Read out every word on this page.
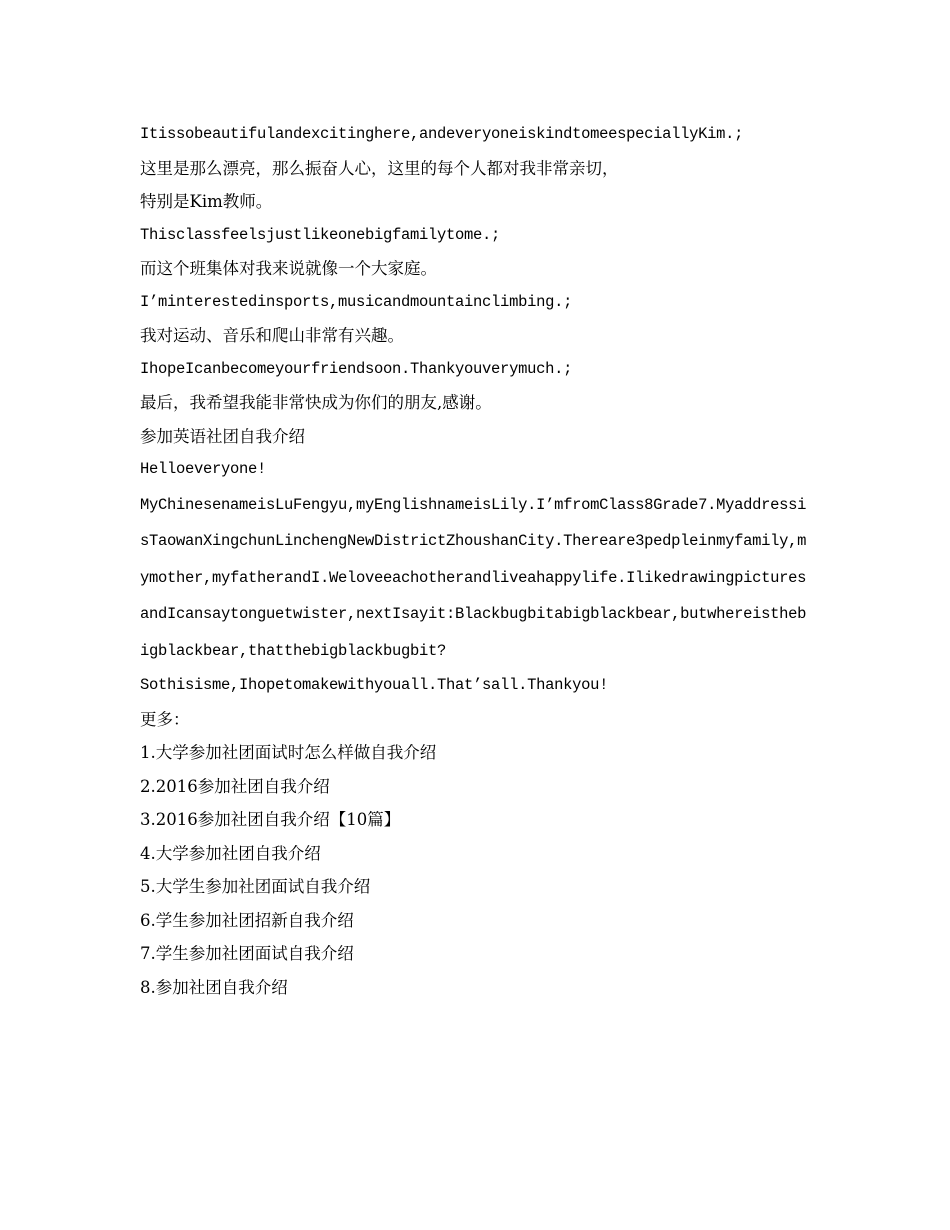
Itissobeautifulandexcitinghere,andeveryoneiskindtomeespeciallyKim.;

这里是那么漂亮，那么振奋人心，这里的每个人都对我非常亲切，

特别是Kim教师。

Thisclassfeelsjustlikeonebigfamilytome.;

而这个班集体对我来说就像一个大家庭。

I’minterestedinsports,musicandmountainclimbing.;

我对运动、音乐和爬山非常有兴趣。

IhopeIcanbecomeyourfriendsoon.Thankyouverymuch.;

最后，我希望我能非常快成为你们的朋友,感谢。

参加英语社团自我介绍

Helloeveryone!

MyChinesenameisLuFengyu,myEnglishnameisLily.I’mfromClass8Grade7.MyaddressisTaowanXingchunLinchengNewDistrictZhoushanCity.Thereare3pedpleinmyfamily,mymother,myfatherandI.Weloveeachotherandliveahappylife.IlikedrawingpicturesandIcansaytonguetwister,nextIsayit:Blackbugbitabigblackbear,butwhereisthebigblackbear,thatthebigblackbugbit?

Sothisisme,Ihopetomakewithyouall.That’sall.Thankyou!

更多：

1.大学参加社团面试时怎么样做自我介绍

2.2016参加社团自我介绍

3.2016参加社团自我介绍【10篇】

4.大学参加社团自我介绍

5.大学生参加社团面试自我介绍

6.学生参加社团招新自我介绍

7.学生参加社团面试自我介绍

8.参加社团自我介绍
